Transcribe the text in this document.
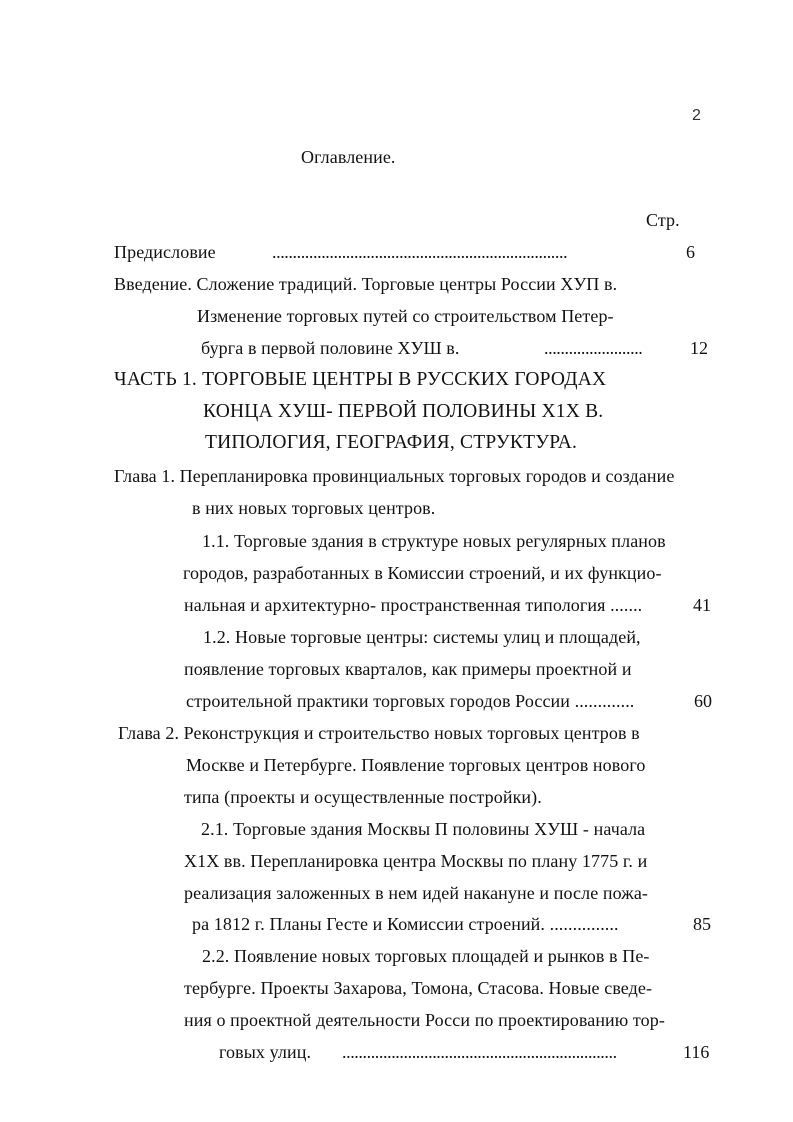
2
Оглавление.
Стр.
Предисловие	........................................................................	6
Введение. Сложение традиций. Торговые центры России ХУП в.
Изменение торговых путей со строительством Петер-
бурга в первой половине ХУШ в.	........................	12
ЧАСТЬ 1. ТОРГОВЫЕ ЦЕНТРЫ В РУССКИХ ГОРОДАХ
КОНЦА ХУШ- ПЕРВОЙ ПОЛОВИНЫ Х1Х В.
ТИПОЛОГИЯ, ГЕОГРАФИЯ, СТРУКТУРА.
Глава 1. Перепланировка провинциальных торговых городов и создание
в них новых торговых центров.
1.1. Торговые здания в структуре новых регулярных планов
городов, разработанных в Комиссии строений, и их функцио-
нальная и архитектурно- пространственная типология .......	41
1.2. Новые торговые центры: системы улиц и площадей,
появление торговых кварталов, как примеры проектной и
строительной практики торговых городов России .............	60
Глава 2. Реконструкция и строительство новых торговых центров в
Москве и Петербурге. Появление торговых центров нового
типа (проекты и осуществленные постройки).
2.1. Торговые здания Москвы П половины ХУШ - начала
Х1Х вв. Перепланировка центра Москвы по плану 1775 г. и
реализация заложенных в нем идей накануне и после пожа-
ра 1812 г. Планы Гесте и Комиссии строений. ...............	85
2.2. Появление новых торговых площадей и рынков в Пе-
тербурге. Проекты Захарова, Томона, Стасова. Новые сведе-
ния о проектной деятельности Росси по проектированию тор-
говых улиц. ...................................................................	116
